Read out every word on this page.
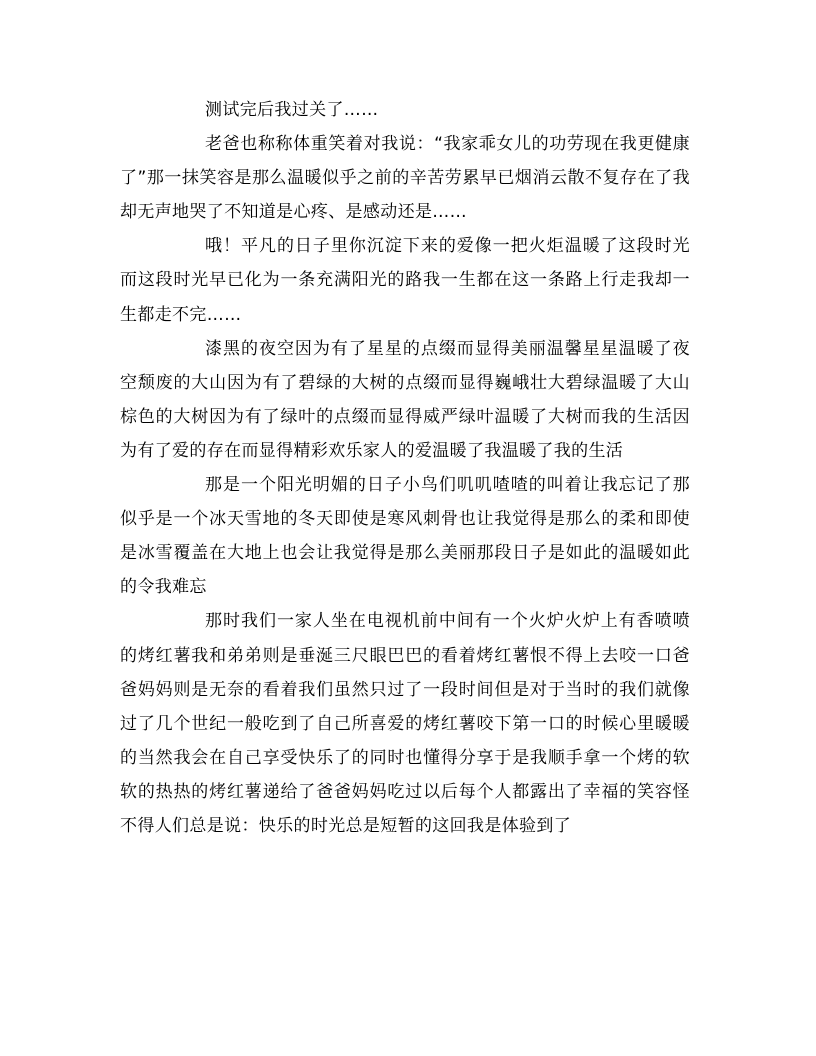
测试完后我过关了……

老爸也称称体重笑着对我说：“我家乖女儿的功劳现在我更健康了”那一抹笑容是那么温暖似乎之前的辛苦劳累早已烟消云散不复存在了我却无声地哭了不知道是心疼、是感动还是……

哦！平凡的日子里你沉淀下来的爱像一把火炬温暖了这段时光而这段时光早已化为一条充满阳光的路我一生都在这一条路上行走我却一生都走不完……

漆黑的夜空因为有了星星的点缀而显得美丽温馨星星温暖了夜空颓废的大山因为有了碧绿的大树的点缀而显得巍峨壮大碧绿温暖了大山棕色的大树因为有了绿叶的点缀而显得威严绿叶温暖了大树而我的生活因为有了爱的存在而显得精彩欢乐家人的爱温暖了我温暖了我的生活

那是一个阳光明媚的日子小鸟们叽叽喳喳的叫着让我忘记了那似乎是一个冰天雪地的冬天即使是寒风刺骨也让我觉得是那么的柔和即使是冰雪覆盖在大地上也会让我觉得是那么美丽那段日子是如此的温暖如此的令我难忘

那时我们一家人坐在电视机前中间有一个火炉火炉上有香喷喷的烤红薯我和弟弟则是垂涎三尺眼巴巴的看着烤红薯恨不得上去咬一口爸爸妈妈则是无奈的看着我们虽然只过了一段时间但是对于当时的我们就像过了几个世纪一般吃到了自己所喜爱的烤红薯咬下第一口的时候心里暖暖的当然我会在自己享受快乐了的同时也懂得分享于是我顺手拿一个烤的软软的热热的烤红薯递给了爸爸妈妈吃过以后每个人都露出了幸福的笑容怪不得人们总是说：快乐的时光总是短暂的这回我是体验到了
